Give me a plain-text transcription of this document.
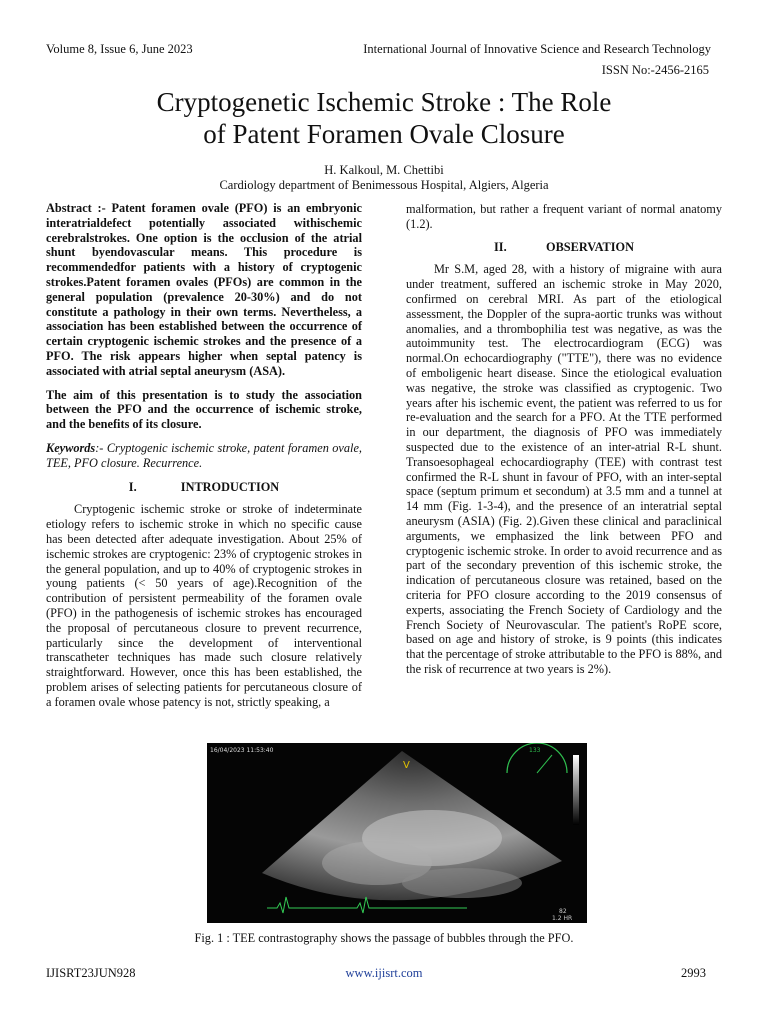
Volume 8, Issue 6, June 2023	International Journal of Innovative Science and Research Technology
ISSN No:-2456-2165
Cryptogenetic Ischemic Stroke : The Role
of Patent Foramen Ovale Closure
H. Kalkoul, M. Chettibi
Cardiology department of Benimessous Hospital, Algiers, Algeria

Abstract :- Patent foramen ovale (PFO) is an embryonic interatrialdefect potentially associated withischemic cerebralstrokes. One option is the occlusion of the atrial shunt byendovascular means. This procedure is recommendedfor patients with a history of cryptogenic strokes.Patent foramen ovales (PFOs) are common in the general population (prevalence 20-30%) and do not constitute a pathology in their own terms. Nevertheless, a association has been established between the occurrence of certain cryptogenic ischemic strokes and the presence of a PFO. The risk appears higher when septal patency is associated with atrial septal aneurysm (ASA).

The aim of this presentation is to study the association between the PFO and the occurrence of ischemic stroke, and the benefits of its closure.

Keywords:- Cryptogenic ischemic stroke, patent foramen ovale, TEE, PFO closure. Recurrence.

I.	INTRODUCTION

Cryptogenic ischemic stroke or stroke of indeterminate etiology refers to ischemic stroke in which no specific cause has been detected after adequate investigation. About 25% of ischemic strokes are cryptogenic: 23% of cryptogenic strokes in the general population, and up to 40% of cryptogenic strokes in young patients (< 50 years of age).Recognition of the contribution of persistent permeability of the foramen ovale (PFO) in the pathogenesis of ischemic strokes has encouraged the proposal of percutaneous closure to prevent recurrence, particularly since the development of interventional transcatheter techniques has made such closure relatively straightforward. However, once this has been established, the problem arises of selecting patients for percutaneous closure of a foramen ovale whose patency is not, strictly speaking, a

malformation, but rather a frequent variant of normal anatomy (1.2).

II.	OBSERVATION

Mr S.M, aged 28, with a history of migraine with aura under treatment, suffered an ischemic stroke in May 2020, confirmed on cerebral MRI. As part of the etiological assessment, the Doppler of the supra-aortic trunks was without anomalies, and a thrombophilia test was negative, as was the autoimmunity test. The electrocardiogram (ECG) was normal.On echocardiography ("TTE"), there was no evidence of emboligenic heart disease. Since the etiological evaluation was negative, the stroke was classified as cryptogenic. Two years after his ischemic event, the patient was referred to us for re-evaluation and the search for a PFO. At the TTE performed in our department, the diagnosis of PFO was immediately suspected due to the existence of an inter-atrial R-L shunt. Transoesophageal echocardiography (TEE) with contrast test confirmed the R-L shunt in favour of PFO, with an inter-septal space (septum primum et secondum) at 3.5 mm and a tunnel at 14 mm (Fig. 1-3-4), and the presence of an interatrial septal aneurysm (ASIA) (Fig. 2).Given these clinical and paraclinical arguments, we emphasized the link between PFO and cryptogenic ischemic stroke. In order to avoid recurrence and as part of the secondary prevention of this ischemic stroke, the indication of percutaneous closure was retained, based on the criteria for PFO closure according to the 2019 consensus of experts, associating the French Society of Cardiology and the French Society of Neurovascular. The patient's RoPE score, based on age and history of stroke, is 9 points (this indicates that the percentage of stroke attributable to the PFO is 88%, and the risk of recurrence at two years is 2%).

16/04/2023 11:53:40
V
133
82
1.2 HR
Fig. 1 : TEE contrastography shows the passage of bubbles through the PFO.
IJISRT23JUN928	www.ijisrt.com	2993
